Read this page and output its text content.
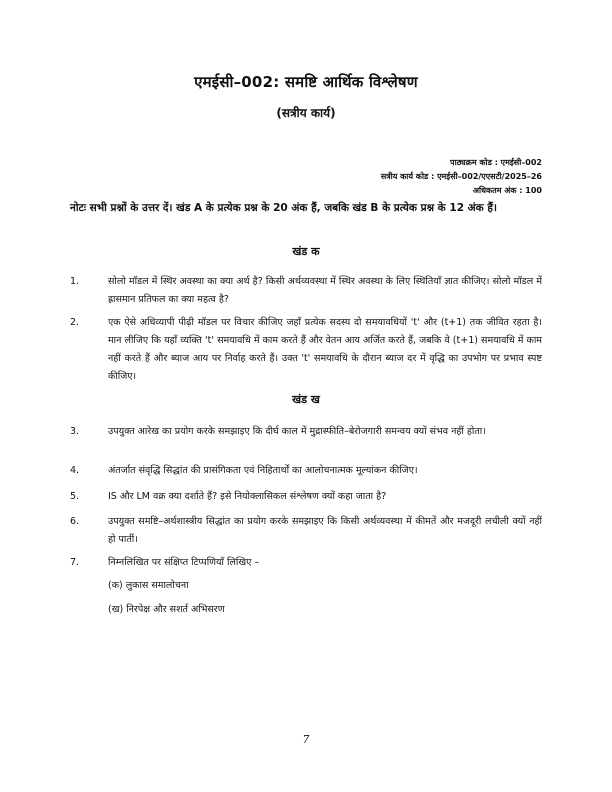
एमईसी–002: समष्टि आर्थिक विश्लेषण
(सत्रीय कार्य)
पाठ्यक्रम कोड : एमईसी–002
सत्रीय कार्य कोड : एमईसी–002/एएसटी/2025–26
अधिकतम अंक : 100
नोटः सभी प्रश्नों के उत्तर दें। खंड A के प्रत्येक प्रश्न के 20 अंक हैं, जबकि खंड B के प्रत्येक प्रश्न के 12 अंक हैं।
खंड क
1.	सोलो मॉडल में स्थिर अवस्था का क्या अर्थ है? किसी अर्थव्यवस्था में स्थिर अवस्था के लिए स्थितियाँ ज्ञात कीजिए। सोलो मॉडल में ह्रासमान प्रतिफल का क्या महत्व है?
2.	एक ऐसे अधिव्यापी पीढ़ी मॉडल पर विचार कीजिए जहाँ प्रत्येक सदस्य दो समयावधियों 't' और (t+1) तक जीवित रहता है। मान लीजिए कि यहाँ व्यक्ति 't' समयावधि में काम करते हैं और वेतन आय अर्जित करते हैं, जबकि वे (t+1) समयावधि में काम नहीं करते हैं और ब्याज आय पर निर्वाह करते हैं। उक्त 't' समयावधि के दौरान ब्याज दर में वृद्धि का उपभोग पर प्रभाव स्पष्ट कीजिए।
खंड ख
3.	उपयुक्त आरेख का प्रयोग करके समझाइए कि दीर्घ काल में मुद्रास्फीति–बेरोजगारी समन्वय क्यों संभव नहीं होता।
4.	अंतर्जात संवृद्धि सिद्धांत की प्रासंगिकता एवं निहितार्थों का आलोचनात्मक मूल्यांकन कीजिए।
5.	IS और LM वक्र क्या दर्शाते हैं? इसे नियोक्लासिकल संश्लेषण क्यों कहा जाता है?
6.	उपयुक्त समष्टि–अर्थशास्त्रीय सिद्धांत का प्रयोग करके समझाइए कि किसी अर्थव्यवस्था में कीमतें और मजदूरी लचीली क्यों नहीं हो पातीं।
7.	निम्नलिखित पर संक्षिप्त टिप्पणियाँ लिखिए –
(क) लुकास समालोचना
(ख) निरपेक्ष और सशर्त अभिसरण
7
